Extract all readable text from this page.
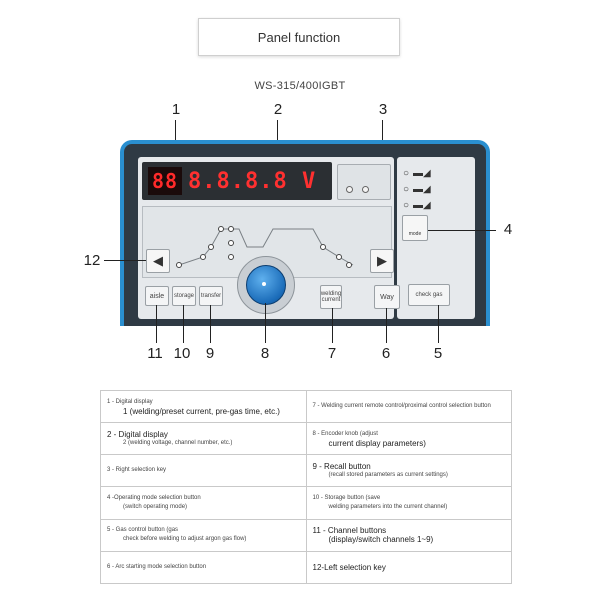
Panel function
WS-315/400IGBT
1	2	3
88 8.8.8.8 V
◀	▶
aisle storage transfer	welding
current	Way	check gas
○ ▬◢
○ ▬◢
○ ▬◢
mode	4
12
11 10	9	8	7	6	5
1 - Digital display
1 (welding/preset current, pre-gas time, etc.)	7 - Welding current remote control/proximal control selection button

2 - Digital display
2 (welding voltage, channel number, etc.)	8 - Encoder knob (adjust
current display parameters)

3 - Right selection key	9 - Recall button
(recall stored parameters as current settings)

4 -Operating mode selection button
(switch operating mode)	10 - Storage button (save
welding parameters into the current channel)

5 - Gas control button (gas
check before welding to adjust argon gas flow)	11 - Channel buttons
(display/switch channels 1~9)

6 - Arc starting mode selection button	12-Left selection key
